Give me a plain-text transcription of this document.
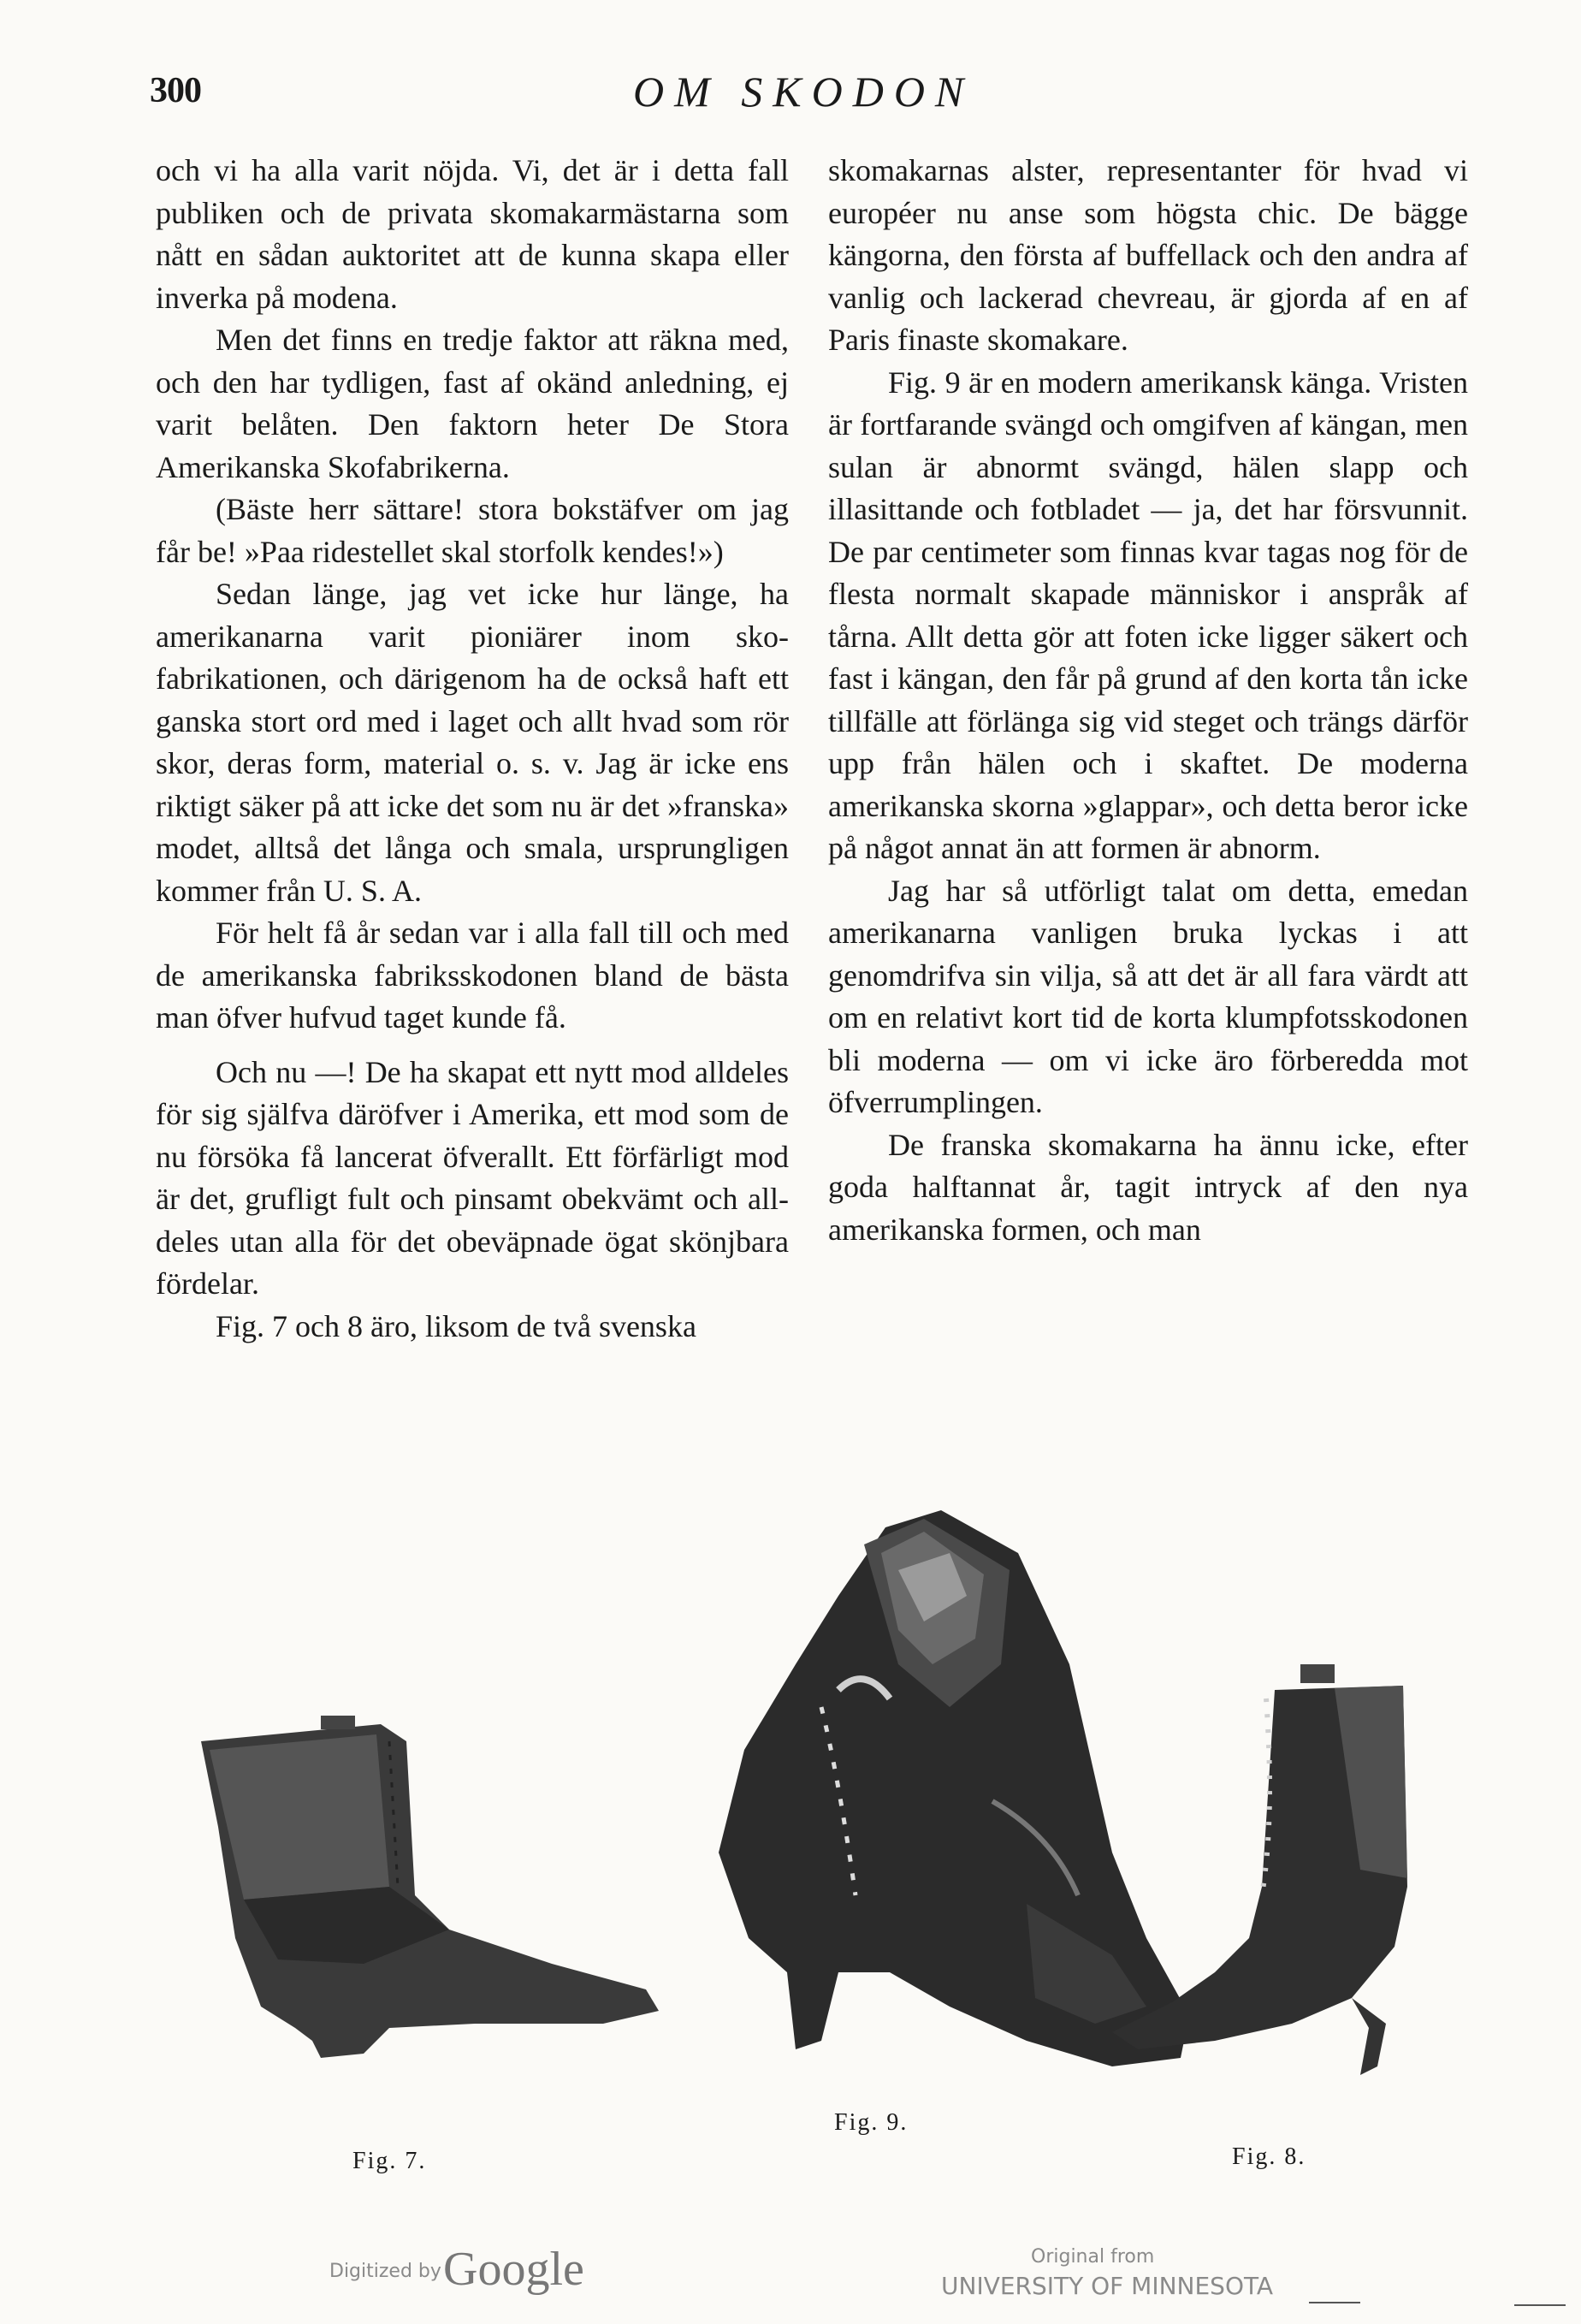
300	OM SKODON

och vi ha alla varit nöjda. Vi, det är i detta fall publiken och de privata skomakarmästarna som nått en sådan auktoritet att de kunna skapa eller inverka på modena.

Men det finns en tredje faktor att räkna med, och den har tydligen, fast af okänd anledning, ej varit belåten. Den faktorn heter De Stora Amerikanska Skofabrikerna.

(Bäste herr sättare! stora bokstäfver om jag får be! »Paa ridestellet skal storfolk kendes!»)

Sedan länge, jag vet icke hur länge, ha amerikanarna varit pioniärer inom skofabrikationen, och därigenom ha de också haft ett ganska stort ord med i laget och allt hvad som rör skor, deras form, material o. s. v. Jag är icke ens riktigt säker på att icke det som nu är det »franska» modet, alltså det långa och smala, ursprungligen kommer från U. S. A.

För helt få år sedan var i alla fall till och med de amerikanska fabriksskodonen bland de bästa man öfver hufvud taget kunde få.

Och nu —! De ha skapat ett nytt mod alldeles för sig själfva däröfver i Amerika, ett mod som de nu försöka få lancerat öfverallt. Ett förfärligt mod är det, grufligt fult och pinsamt obekvämt och alldeles utan alla för det obeväpnade ögat skönjbara fördelar.

Fig. 7 och 8 äro, liksom de två svenska

skomakarnas alster, representanter för hvad vi européer nu anse som högsta chic. De bägge kängorna, den första af buffellack och den andra af vanlig och lackerad chevreau, är gjorda af en af Paris finaste skomakare.

Fig. 9 är en modern amerikansk känga. Vristen är fortfarande svängd och omgifven af kängan, men sulan är abnormt svängd, hälen slapp och illasittande och fotbladet — ja, det har försvunnit. De par centimeter som finnas kvar tagas nog för de flesta normalt skapade människor i anspråk af tårna. Allt detta gör att foten icke ligger säkert och fast i kängan, den får på grund af den korta tån icke tillfälle att förlänga sig vid steget och trängs därför upp från hälen och i skaftet. De moderna amerikanska skorna »glappar», och detta beror icke på något annat än att formen är abnorm.

Jag har så utförligt talat om detta, emedan amerikanarna vanligen bruka lyckas i att genomdrifva sin vilja, så att det är all fara värdt att om en relativt kort tid de korta klumpfotsskodonen bli moderna — om vi icke äro förberedda mot öfverrumplingen.

De franska skomakarna ha ännu icke, efter goda halftannat år, tagit intryck af den nya amerikanska formen, och man

Fig. 9.
Fig. 7.	Fig. 8.
Digitized by Google	Original from
UNIVERSITY OF MINNESOTA
